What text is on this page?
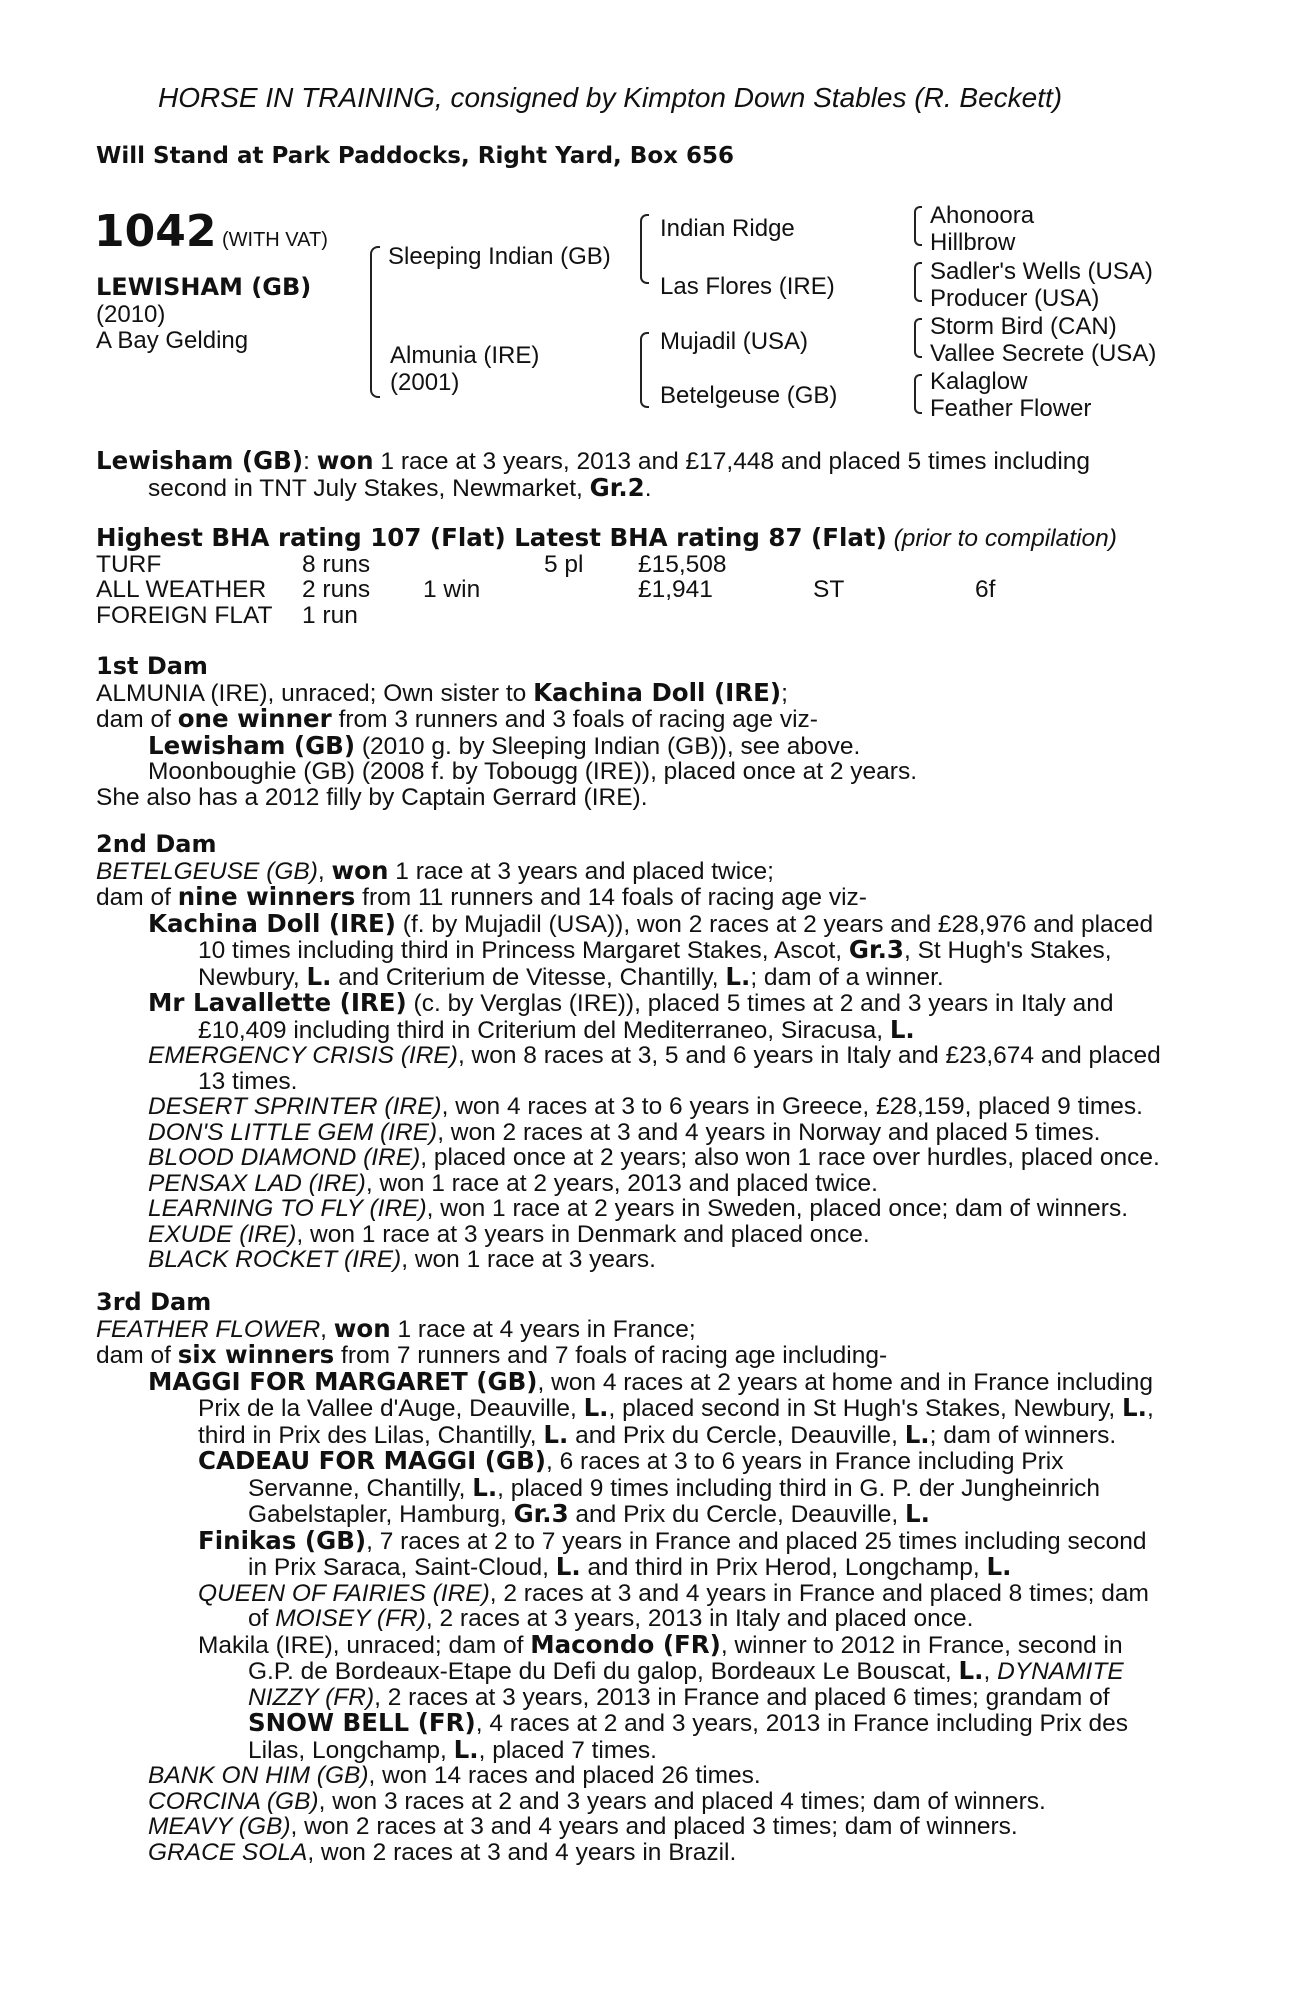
HORSE IN TRAINING, consigned by Kimpton Down Stables (R. Beckett)
Will Stand at Park Paddocks, Right Yard, Box 656
1042 (WITH VAT)
LEWISHAM (GB)
(2010)
A Bay Gelding
Sleeping Indian (GB)
Almunia (IRE)
(2001)
Indian Ridge
Las Flores (IRE)
Mujadil (USA)
Betelgeuse (GB)
Ahonoora
Hillbrow
Sadler's Wells (USA)
Producer (USA)
Storm Bird (CAN)
Vallee Secrete (USA)
Kalaglow
Feather Flower
Lewisham (GB): won 1 race at 3 years, 2013 and £17,448 and placed 5 times including
second in TNT July Stakes, Newmarket, Gr.2.
Highest BHA rating 107 (Flat) Latest BHA rating 87 (Flat) (prior to compilation)
TURF	8 runs	5 pl £15,508
ALL WEATHER 2 runs 1 win	£1,941	ST	6f
FOREIGN FLAT 1 run
1st Dam
ALMUNIA (IRE), unraced; Own sister to Kachina Doll (IRE);
dam of one winner from 3 runners and 3 foals of racing age viz-
Lewisham (GB) (2010 g. by Sleeping Indian (GB)), see above.
Moonboughie (GB) (2008 f. by Tobougg (IRE)), placed once at 2 years.
She also has a 2012 filly by Captain Gerrard (IRE).
2nd Dam
BETELGEUSE (GB), won 1 race at 3 years and placed twice;
dam of nine winners from 11 runners and 14 foals of racing age viz-
Kachina Doll (IRE) (f. by Mujadil (USA)), won 2 races at 2 years and £28,976 and placed
10 times including third in Princess Margaret Stakes, Ascot, Gr.3, St Hugh's Stakes,
Newbury, L. and Criterium de Vitesse, Chantilly, L.; dam of a winner.
Mr Lavallette (IRE) (c. by Verglas (IRE)), placed 5 times at 2 and 3 years in Italy and
£10,409 including third in Criterium del Mediterraneo, Siracusa, L.
EMERGENCY CRISIS (IRE), won 8 races at 3, 5 and 6 years in Italy and £23,674 and placed
13 times.
DESERT SPRINTER (IRE), won 4 races at 3 to 6 years in Greece, £28,159, placed 9 times.
DON'S LITTLE GEM (IRE), won 2 races at 3 and 4 years in Norway and placed 5 times.
BLOOD DIAMOND (IRE), placed once at 2 years; also won 1 race over hurdles, placed once.
PENSAX LAD (IRE), won 1 race at 2 years, 2013 and placed twice.
LEARNING TO FLY (IRE), won 1 race at 2 years in Sweden, placed once; dam of winners.
EXUDE (IRE), won 1 race at 3 years in Denmark and placed once.
BLACK ROCKET (IRE), won 1 race at 3 years.
3rd Dam
FEATHER FLOWER, won 1 race at 4 years in France;
dam of six winners from 7 runners and 7 foals of racing age including-
MAGGI FOR MARGARET (GB), won 4 races at 2 years at home and in France including
Prix de la Vallee d'Auge, Deauville, L., placed second in St Hugh's Stakes, Newbury, L.,
third in Prix des Lilas, Chantilly, L. and Prix du Cercle, Deauville, L.; dam of winners.
CADEAU FOR MAGGI (GB), 6 races at 3 to 6 years in France including Prix
Servanne, Chantilly, L., placed 9 times including third in G. P. der Jungheinrich
Gabelstapler, Hamburg, Gr.3 and Prix du Cercle, Deauville, L.
Finikas (GB), 7 races at 2 to 7 years in France and placed 25 times including second
in Prix Saraca, Saint-Cloud, L. and third in Prix Herod, Longchamp, L.
QUEEN OF FAIRIES (IRE), 2 races at 3 and 4 years in France and placed 8 times; dam
of MOISEY (FR), 2 races at 3 years, 2013 in Italy and placed once.
Makila (IRE), unraced; dam of Macondo (FR), winner to 2012 in France, second in
G.P. de Bordeaux-Etape du Defi du galop, Bordeaux Le Bouscat, L., DYNAMITE
NIZZY (FR), 2 races at 3 years, 2013 in France and placed 6 times; grandam of
SNOW BELL (FR), 4 races at 2 and 3 years, 2013 in France including Prix des
Lilas, Longchamp, L., placed 7 times.
BANK ON HIM (GB), won 14 races and placed 26 times.
CORCINA (GB), won 3 races at 2 and 3 years and placed 4 times; dam of winners.
MEAVY (GB), won 2 races at 3 and 4 years and placed 3 times; dam of winners.
GRACE SOLA, won 2 races at 3 and 4 years in Brazil.
